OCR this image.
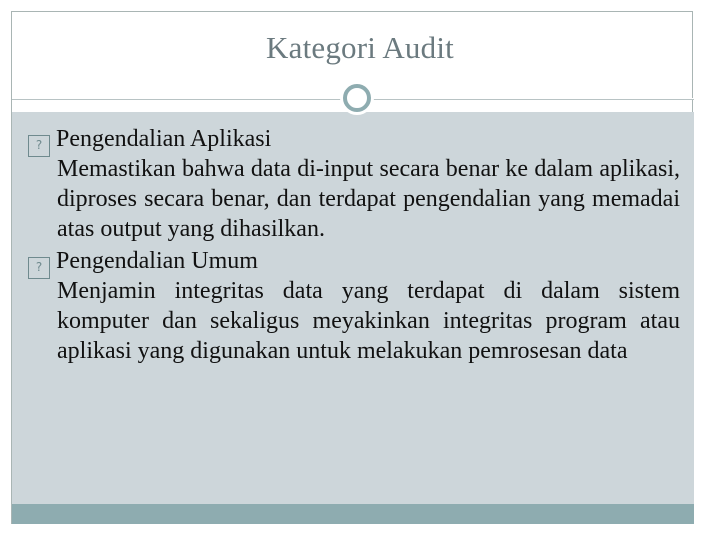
Kategori Audit
? Pengendalian Aplikasi

Memastikan bahwa data di-input secara benar ke dalam aplikasi, diproses secara benar, dan terdapat pengendalian yang memadai atas output yang dihasilkan.

? Pengendalian Umum

Menjamin integritas data yang terdapat di dalam sistem komputer dan sekaligus meyakinkan integritas program atau aplikasi yang digunakan untuk melakukan pemrosesan data
